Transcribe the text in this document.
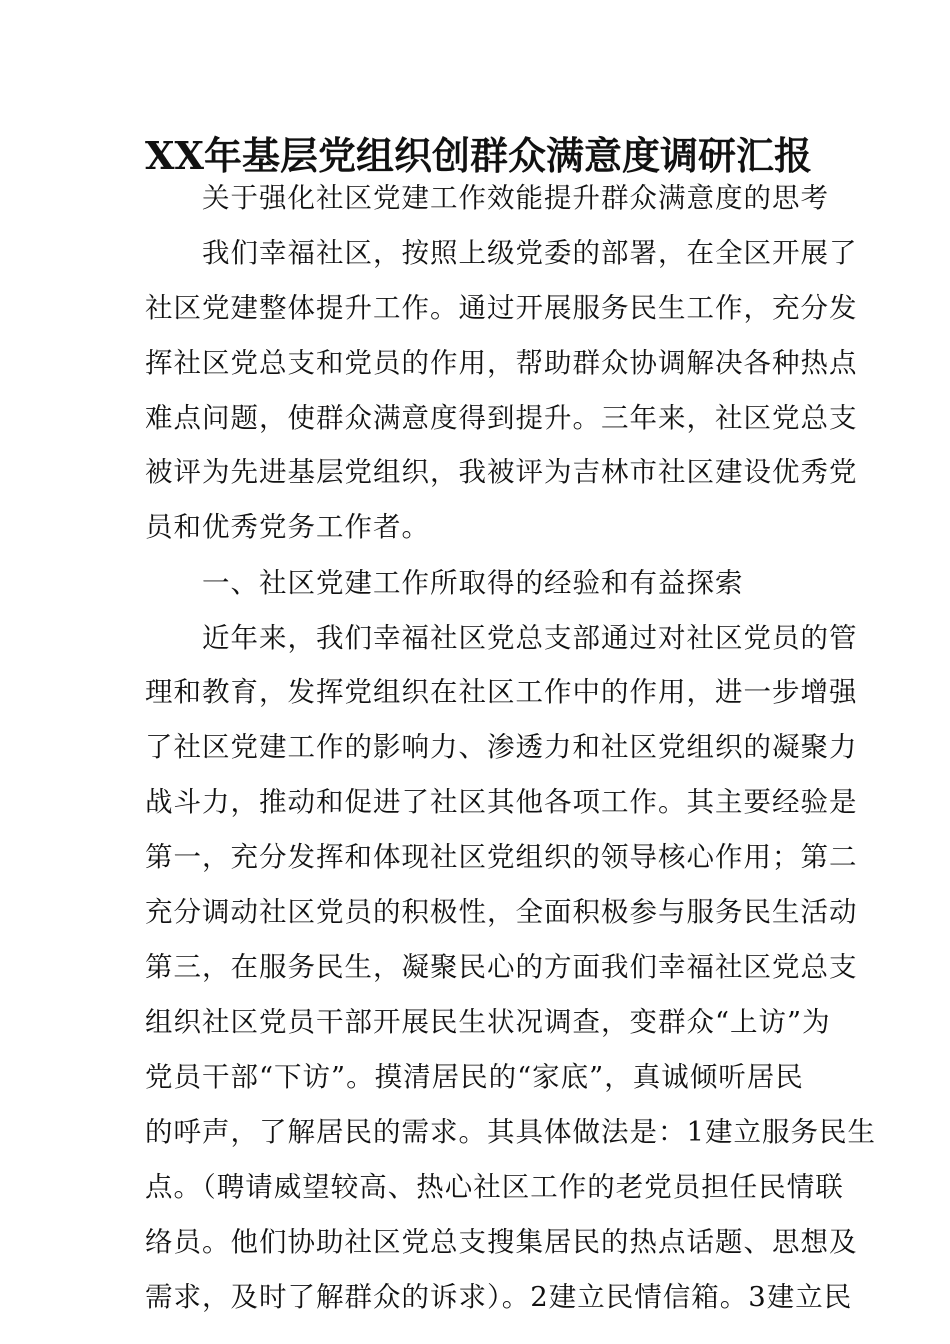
XX年基层党组织创群众满意度调研汇报
　　关于强化社区党建工作效能提升群众满意度的思考
　　我们幸福社区，按照上级党委的部署，在全区开展了
社区党建整体提升工作。通过开展服务民生工作，充分发
挥社区党总支和党员的作用，帮助群众协调解决各种热点
难点问题，使群众满意度得到提升。三年来，社区党总支
被评为先进基层党组织，我被评为吉林市社区建设优秀党
员和优秀党务工作者。
　　一、社区党建工作所取得的经验和有益探索
　　近年来，我们幸福社区党总支部通过对社区党员的管
理和教育，发挥党组织在社区工作中的作用，进一步增强
了社区党建工作的影响力、渗透力和社区党组织的凝聚力
战斗力，推动和促进了社区其他各项工作。其主要经验是
第一，充分发挥和体现社区党组织的领导核心作用；第二
充分调动社区党员的积极性，全面积极参与服务民生活动
第三，在服务民生，凝聚民心的方面我们幸福社区党总支
组织社区党员干部开展民生状况调查，变群众“上访”为
党员干部“下访”。摸清居民的“家底”，真诚倾听居民
的呼声，了解居民的需求。其具体做法是：1建立服务民生
点。（聘请威望较高、热心社区工作的老党员担任民情联
络员。他们协助社区党总支搜集居民的热点话题、思想及
需求，及时了解群众的诉求）。2建立民情信箱。3建立民
